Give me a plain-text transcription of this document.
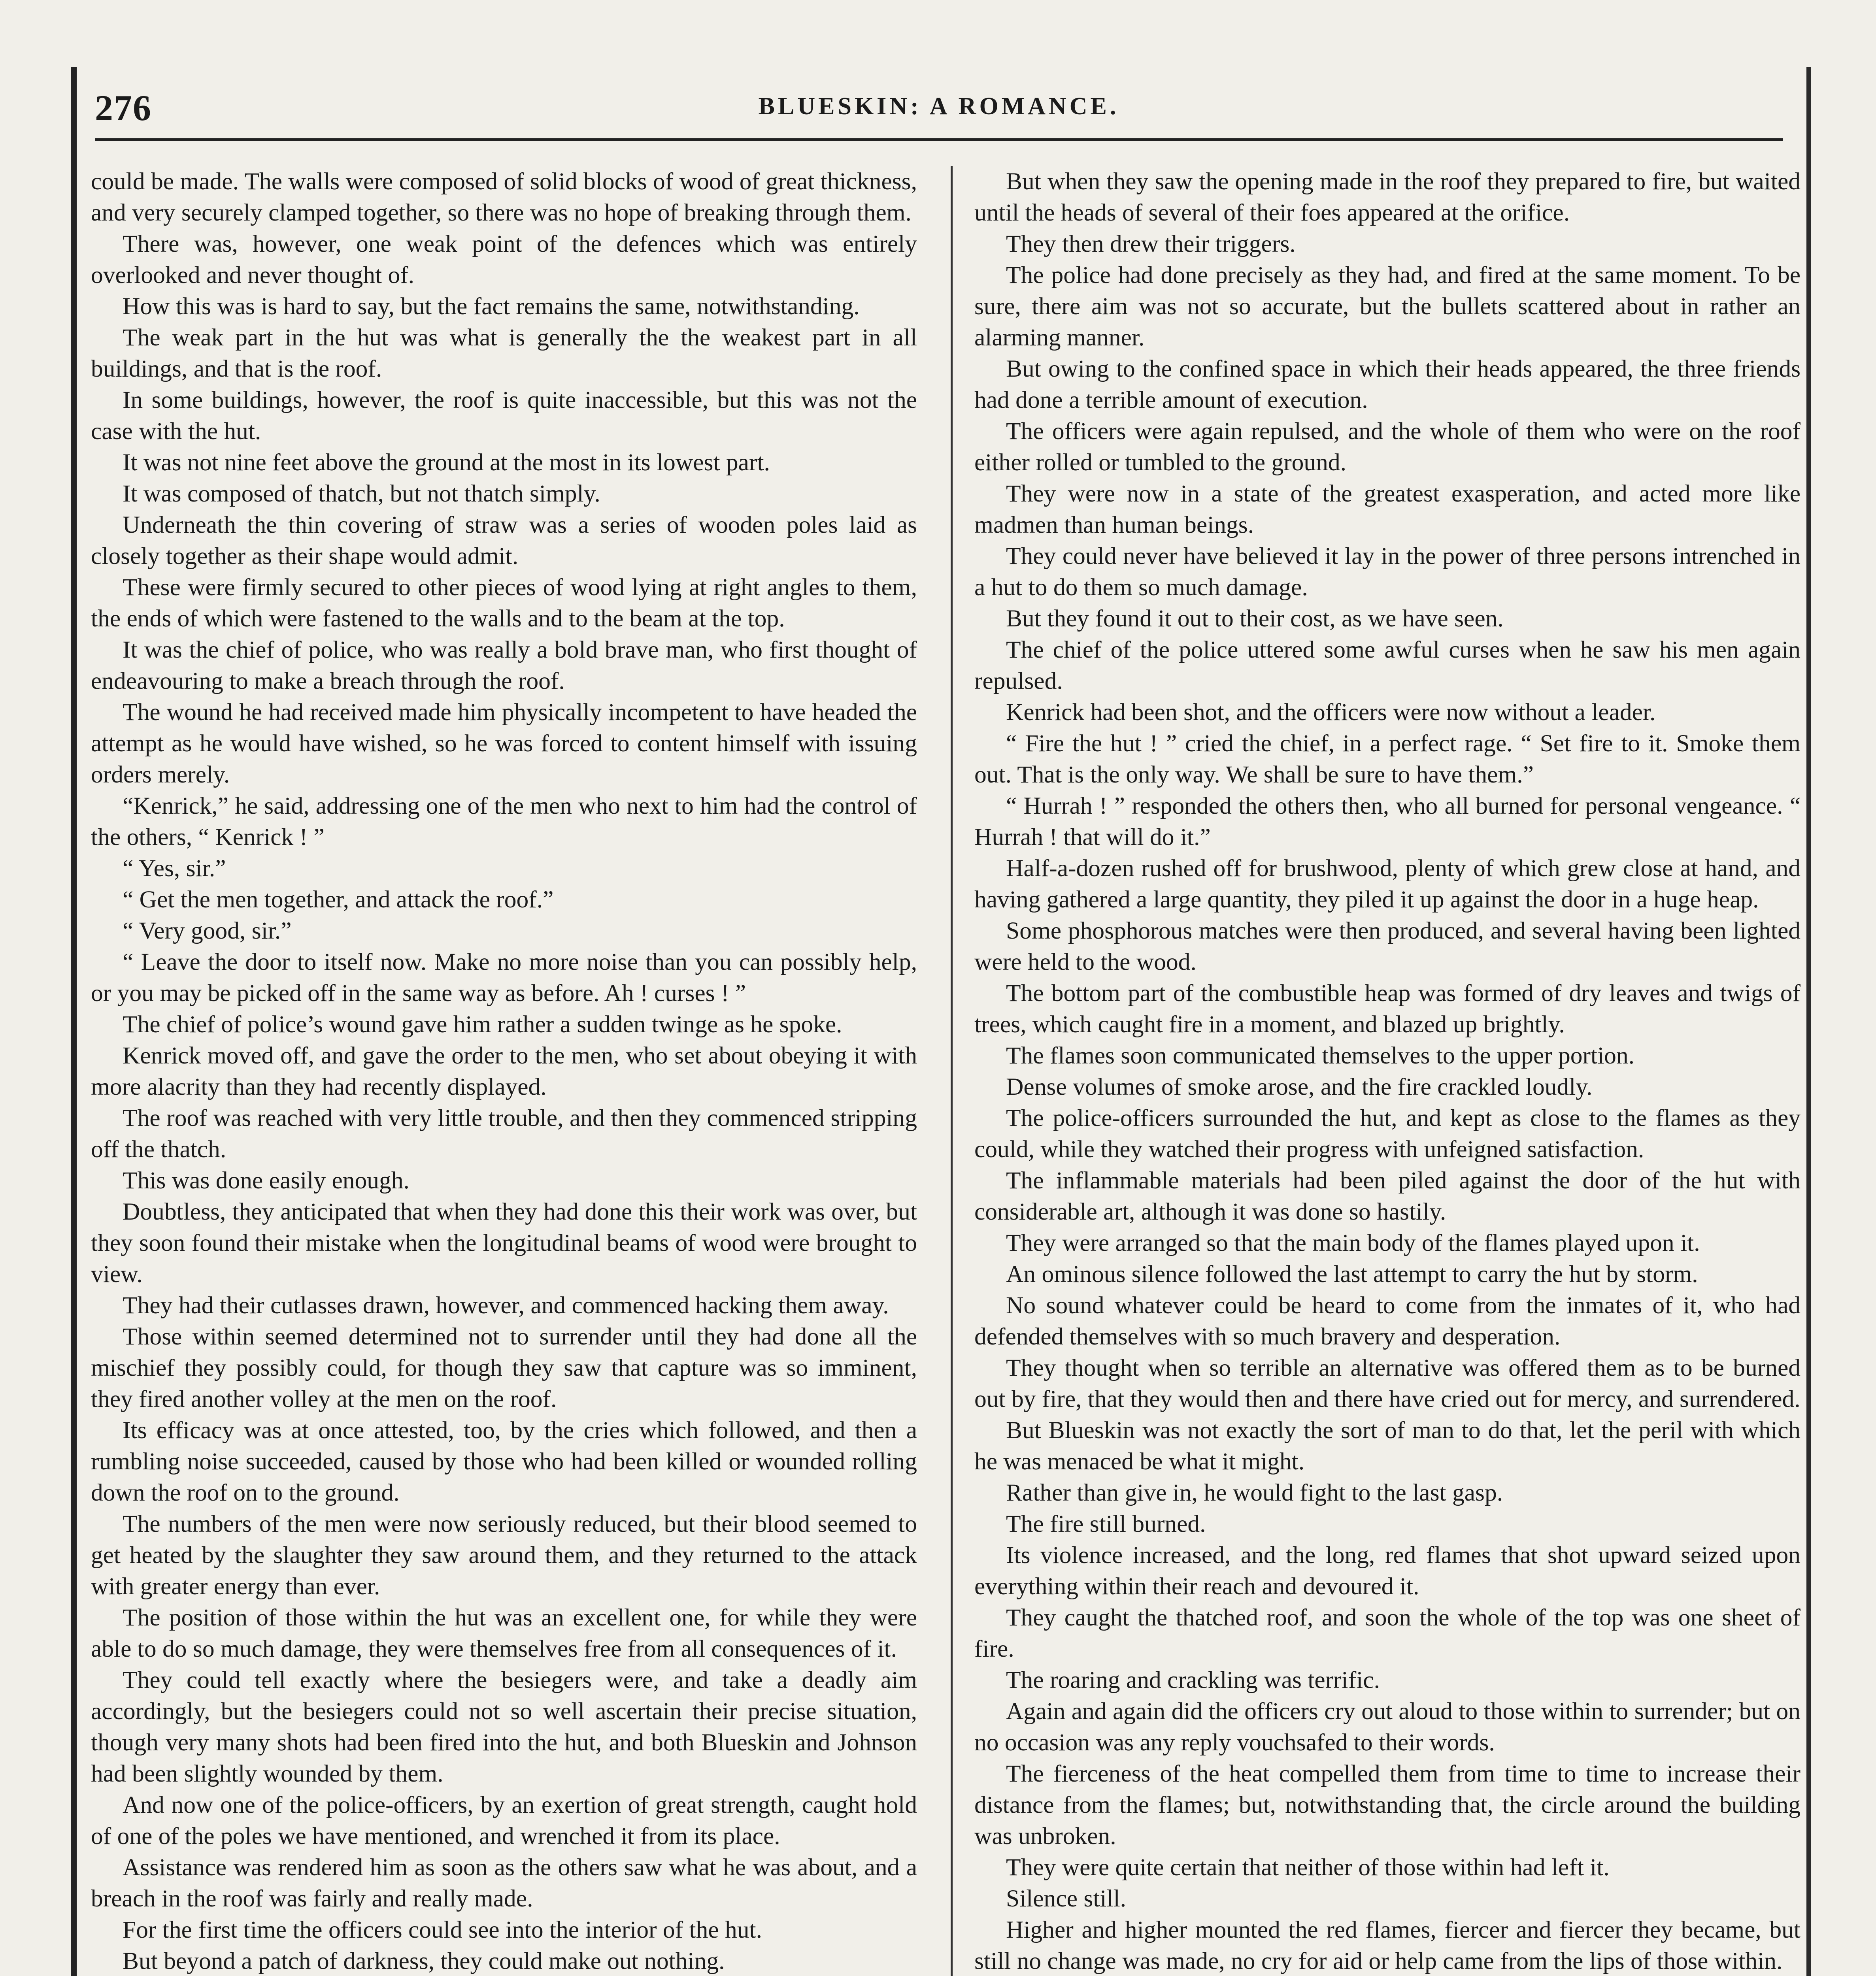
276	BLUESKIN: A ROMANCE.

could be made. The walls were composed of solid blocks of wood of great thickness, and very securely clamped together, so there was no hope of breaking through them.

There was, however, one weak point of the defences which was entirely overlooked and never thought of.

How this was is hard to say, but the fact remains the same, notwithstanding.

The weak part in the hut was what is generally the the weakest part in all buildings, and that is the roof.

In some buildings, however, the roof is quite inaccessible, but this was not the case with the hut.

It was not nine feet above the ground at the most in its lowest part.

It was composed of thatch, but not thatch simply.

Underneath the thin covering of straw was a series of wooden poles laid as closely together as their shape would admit.

These were firmly secured to other pieces of wood lying at right angles to them, the ends of which were fastened to the walls and to the beam at the top.

It was the chief of police, who was really a bold brave man, who first thought of endeavouring to make a breach through the roof.

The wound he had received made him physically incompetent to have headed the attempt as he would have wished, so he was forced to content himself with issuing orders merely.

“Kenrick,” he said, addressing one of the men who next to him had the control of the others, “ Kenrick ! ”

“ Yes, sir.”

“ Get the men together, and attack the roof.”

“ Very good, sir.”

“ Leave the door to itself now. Make no more noise than you can possibly help, or you may be picked off in the same way as before. Ah ! curses ! ”

The chief of police’s wound gave him rather a sudden twinge as he spoke.

Kenrick moved off, and gave the order to the men, who set about obeying it with more alacrity than they had recently displayed.

The roof was reached with very little trouble, and then they commenced stripping off the thatch.

This was done easily enough.

Doubtless, they anticipated that when they had done this their work was over, but they soon found their mistake when the longitudinal beams of wood were brought to view.

They had their cutlasses drawn, however, and commenced hacking them away.

Those within seemed determined not to surrender until they had done all the mischief they possibly could, for though they saw that capture was so imminent, they fired another volley at the men on the roof.

Its efficacy was at once attested, too, by the cries which followed, and then a rumbling noise succeeded, caused by those who had been killed or wounded rolling down the roof on to the ground.

The numbers of the men were now seriously reduced, but their blood seemed to get heated by the slaughter they saw around them, and they returned to the attack with greater energy than ever.

The position of those within the hut was an excellent one, for while they were able to do so much damage, they were themselves free from all consequences of it.

They could tell exactly where the besiegers were, and take a deadly aim accordingly, but the besiegers could not so well ascertain their precise situation, though very many shots had been fired into the hut, and both Blueskin and Johnson had been slightly wounded by them.

And now one of the police-officers, by an exertion of great strength, caught hold of one of the poles we have mentioned, and wrenched it from its place.

Assistance was rendered him as soon as the others saw what he was about, and a breach in the roof was fairly and really made.

For the first time the officers could see into the interior of the hut.

But beyond a patch of darkness, they could make out nothing.

But when they saw the opening made in the roof they prepared to fire, but waited until the heads of several of their foes appeared at the orifice.

They then drew their triggers.

The police had done precisely as they had, and fired at the same moment. To be sure, there aim was not so accurate, but the bullets scattered about in rather an alarming manner.

But owing to the confined space in which their heads appeared, the three friends had done a terrible amount of execution.

The officers were again repulsed, and the whole of them who were on the roof either rolled or tumbled to the ground.

They were now in a state of the greatest exasperation, and acted more like madmen than human beings.

They could never have believed it lay in the power of three persons intrenched in a hut to do them so much damage.

But they found it out to their cost, as we have seen.

The chief of the police uttered some awful curses when he saw his men again repulsed.

Kenrick had been shot, and the officers were now without a leader.

“ Fire the hut ! ” cried the chief, in a perfect rage. “ Set fire to it. Smoke them out. That is the only way. We shall be sure to have them.”

“ Hurrah ! ” responded the others then, who all burned for personal vengeance. “ Hurrah ! that will do it.”

Half-a-dozen rushed off for brushwood, plenty of which grew close at hand, and having gathered a large quantity, they piled it up against the door in a huge heap.

Some phosphorous matches were then produced, and several having been lighted were held to the wood.

The bottom part of the combustible heap was formed of dry leaves and twigs of trees, which caught fire in a moment, and blazed up brightly.

The flames soon communicated themselves to the upper portion.

Dense volumes of smoke arose, and the fire crackled loudly.

The police-officers surrounded the hut, and kept as close to the flames as they could, while they watched their progress with unfeigned satisfaction.

The inflammable materials had been piled against the door of the hut with considerable art, although it was done so hastily.

They were arranged so that the main body of the flames played upon it.

An ominous silence followed the last attempt to carry the hut by storm.

No sound whatever could be heard to come from the inmates of it, who had defended themselves with so much bravery and desperation.

They thought when so terrible an alternative was offered them as to be burned out by fire, that they would then and there have cried out for mercy, and surrendered.

But Blueskin was not exactly the sort of man to do that, let the peril with which he was menaced be what it might.

Rather than give in, he would fight to the last gasp.

The fire still burned.

Its violence increased, and the long, red flames that shot upward seized upon everything within their reach and devoured it.

They caught the thatched roof, and soon the whole of the top was one sheet of fire.

The roaring and crackling was terrific.

Again and again did the officers cry out aloud to those within to surrender; but on no occasion was any reply vouchsafed to their words.

The fierceness of the heat compelled them from time to time to increase their distance from the flames; but, notwithstanding that, the circle around the building was unbroken.

They were quite certain that neither of those within had left it.

Silence still.

Higher and higher mounted the red flames, fiercer and fiercer they became, but still no change was made, no cry for aid or help came from the lips of those within.
